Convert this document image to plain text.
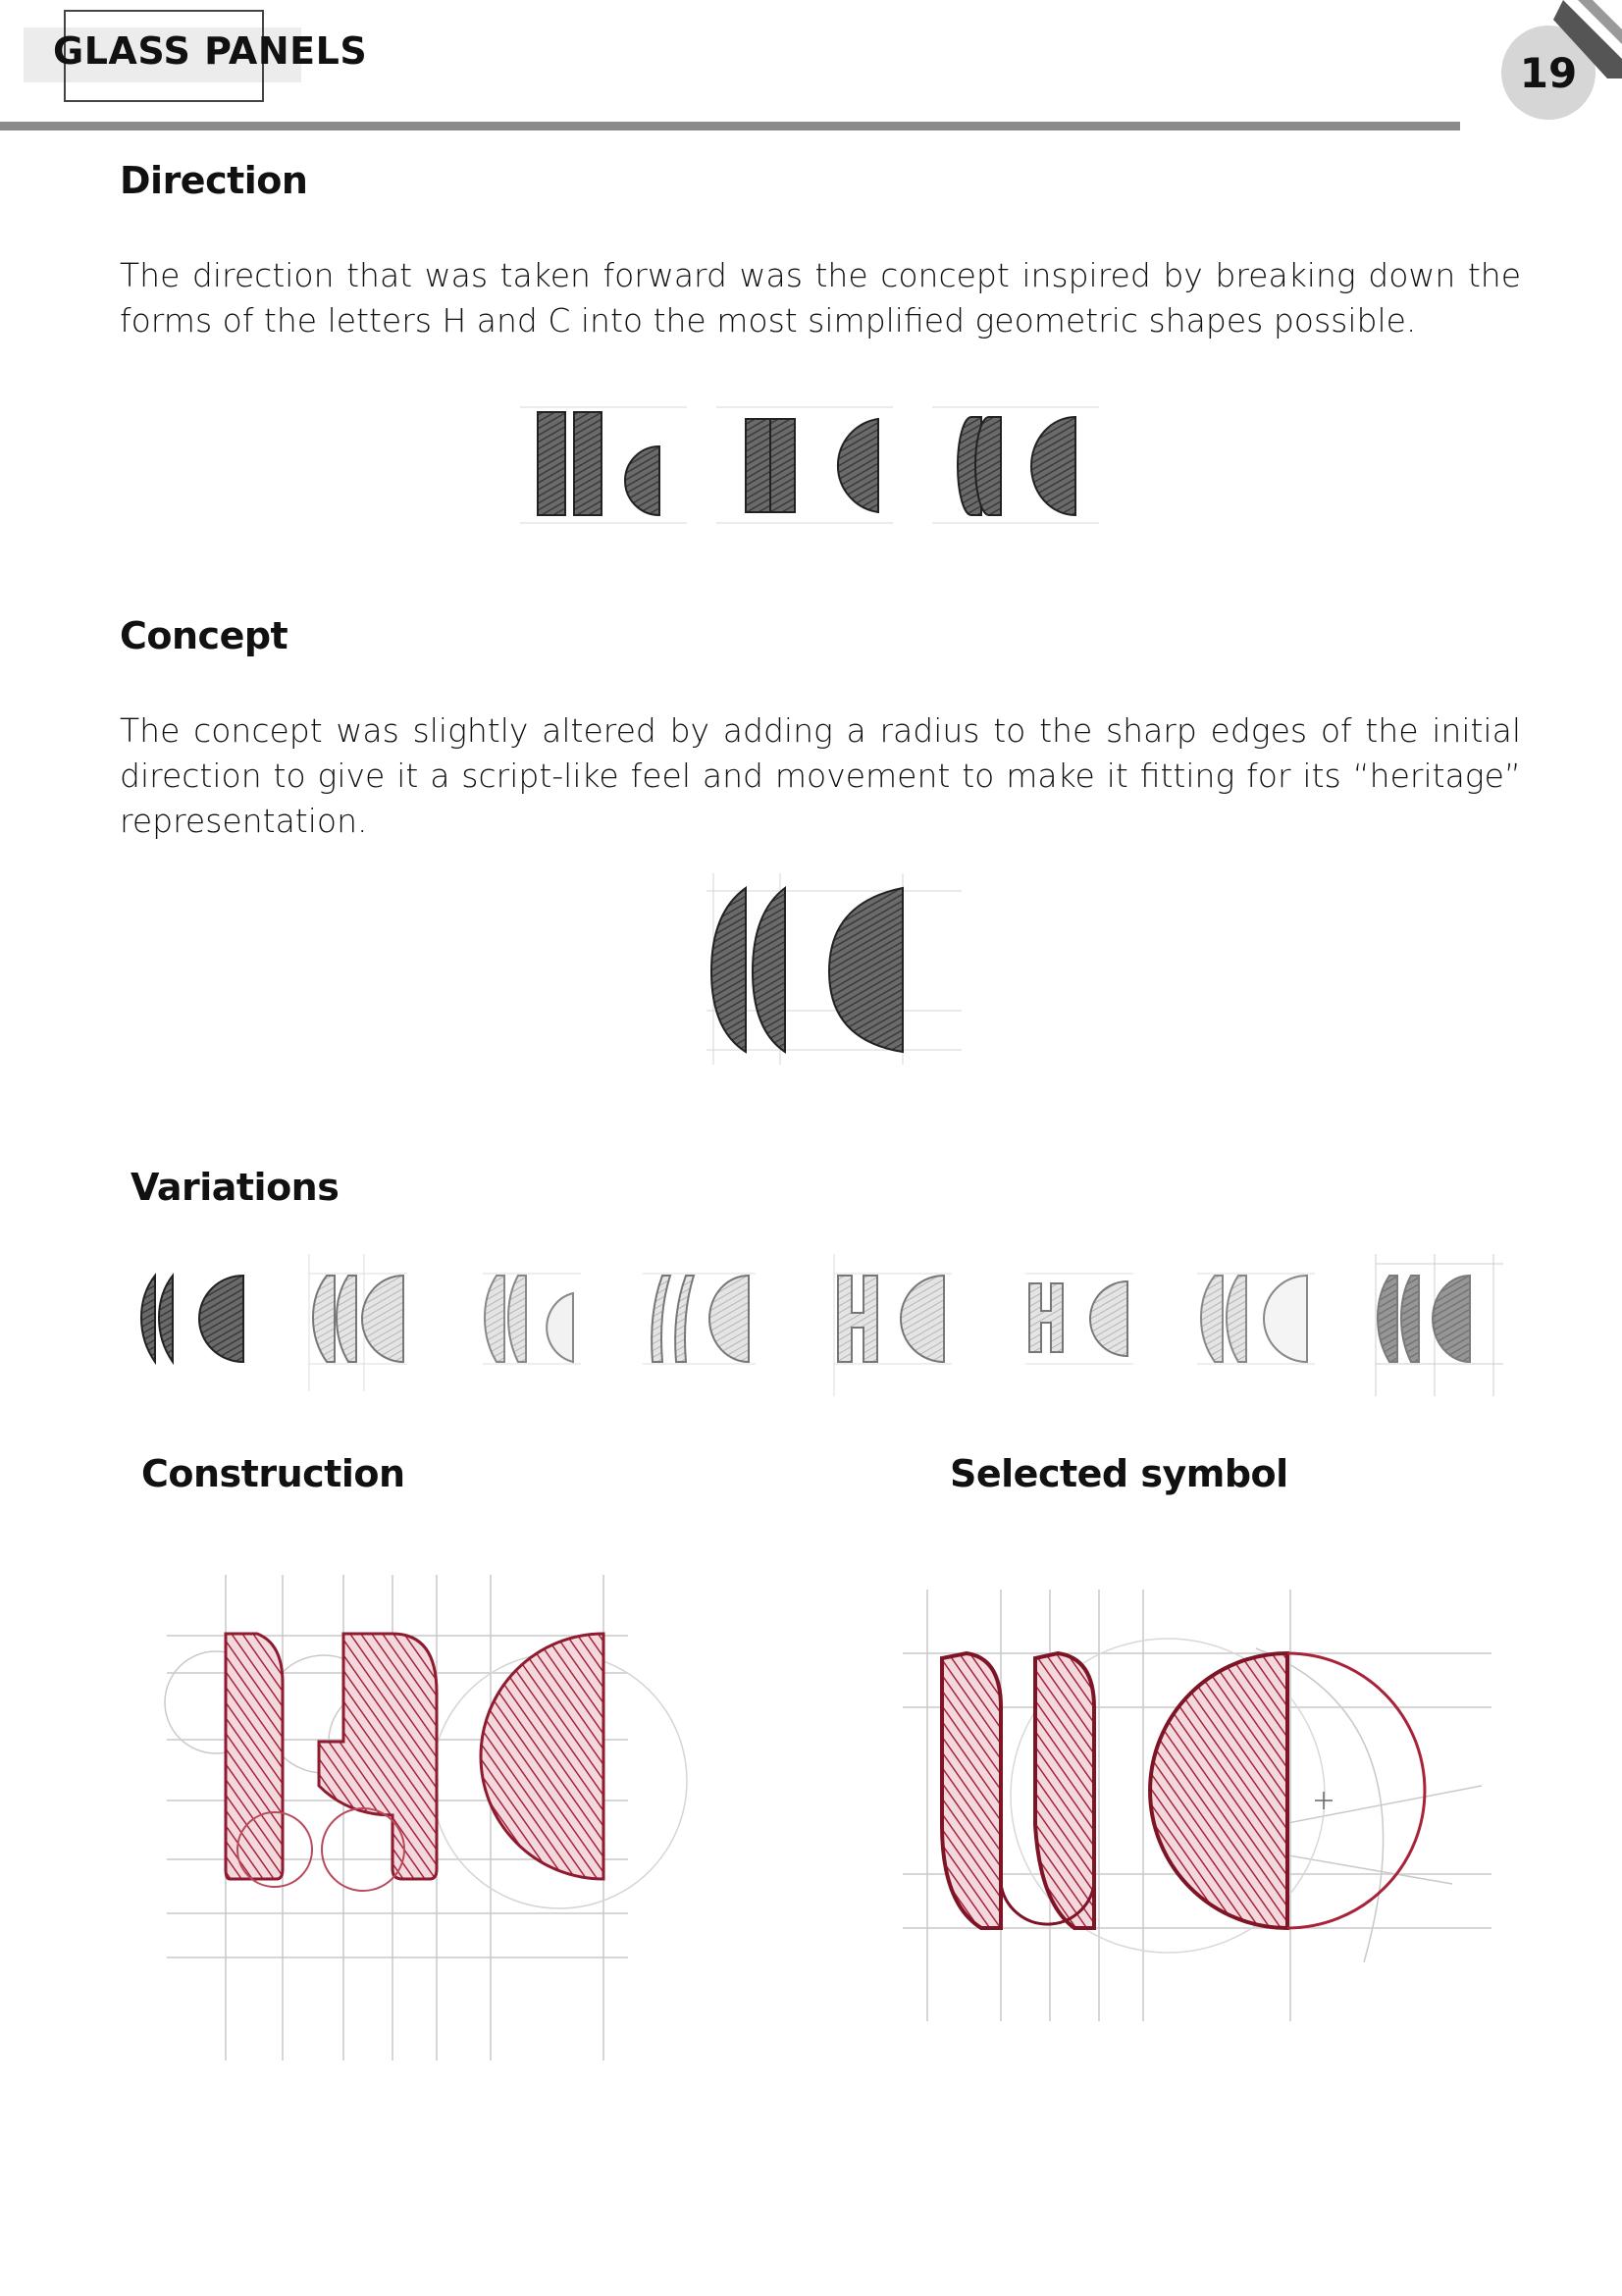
GLASS PANELS	19
Direction

The direction that was taken forward was the concept inspired by breaking down the forms of the letters H and C into the most simplified geometric shapes possible.

Concept

The concept was slightly altered by adding a radius to the sharp edges of the initial direction to give it a script-like feel and movement to make it fitting for its “heritage” representation.

Variations
Construction	Selected symbol
